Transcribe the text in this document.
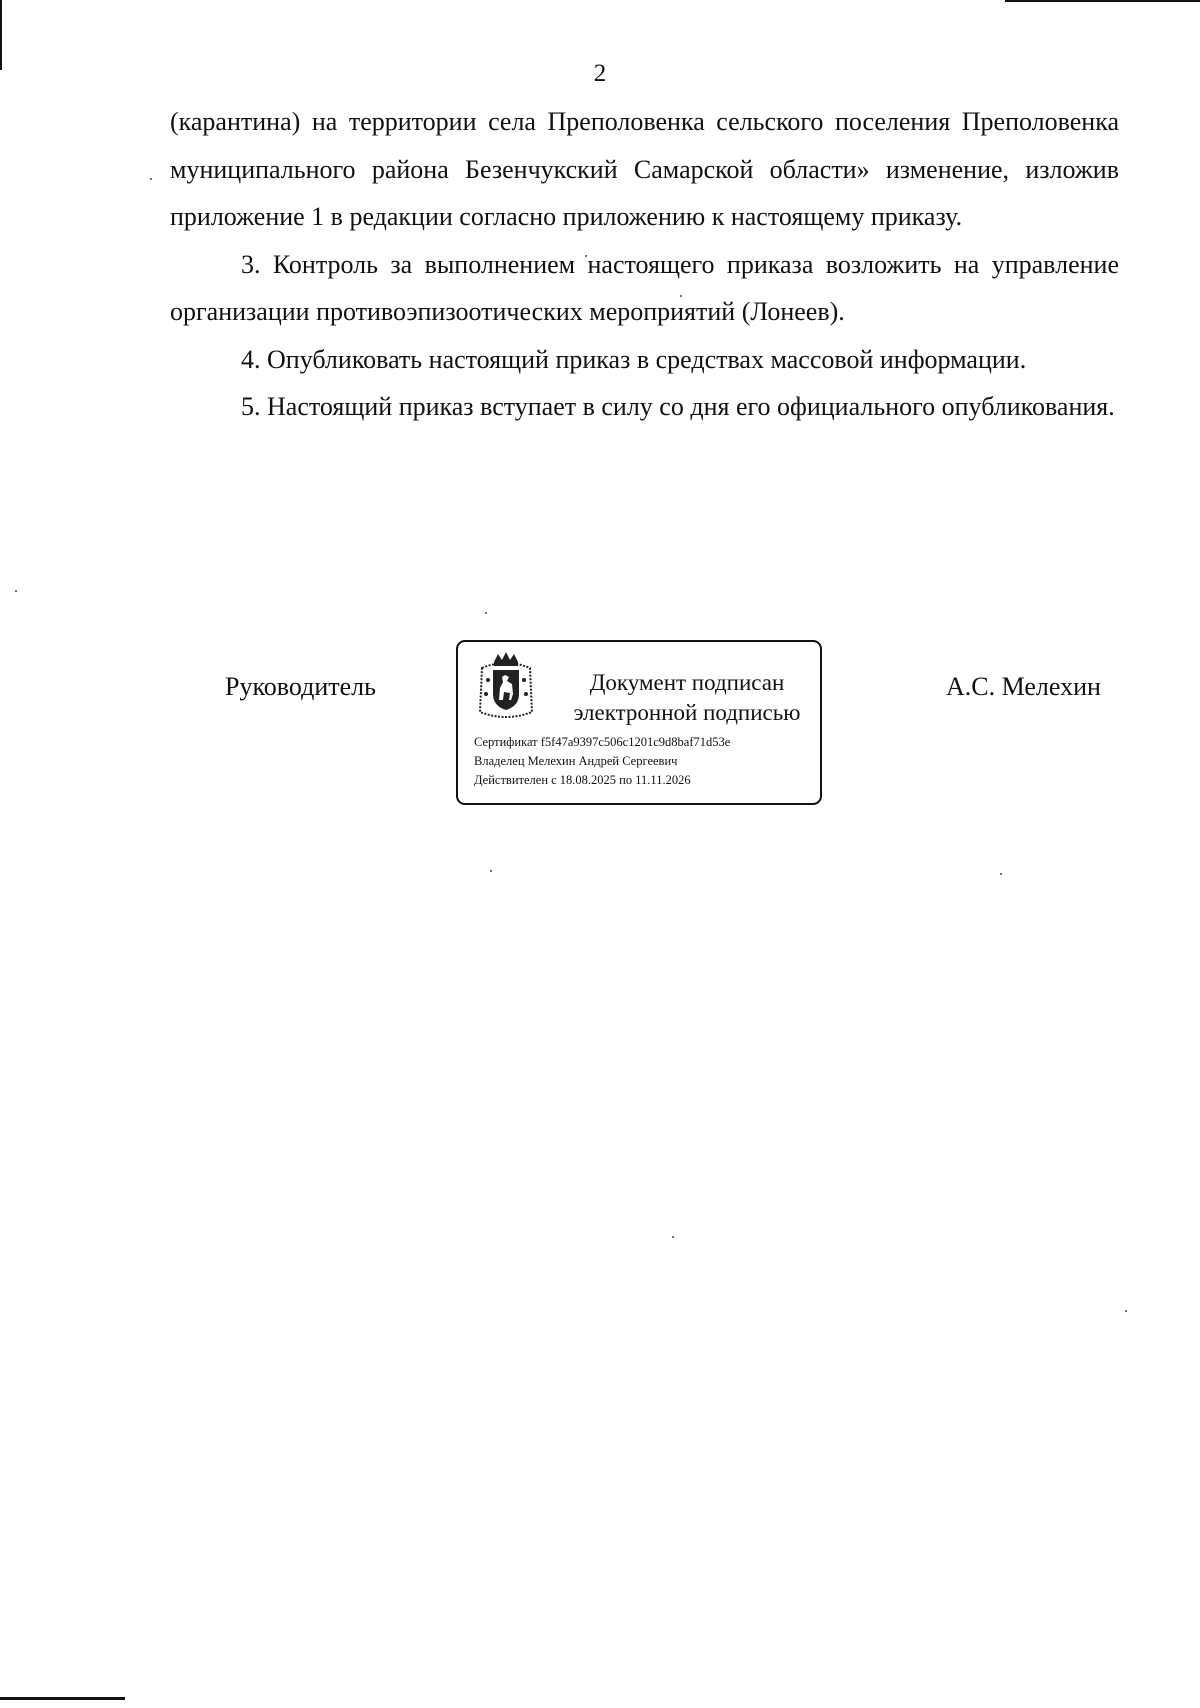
2

(карантина) на территории села Преполовенка сельского поселения Преполовенка муниципального района Безенчукский Самарской области» изменение, изложив приложение 1 в редакции согласно приложению к настоящему приказу.

3. Контроль за выполнением настоящего приказа возложить на управление организации противоэпизоотических мероприятий (Лонеев).

4. Опубликовать настоящий приказ в средствах массовой информации.

5. Настоящий приказ вступает в силу со дня его официального опубликования.

Руководитель	Документ подписан
электронной подписью
Сертификат f5f47a9397c506c1201c9d8baf71d53e
Владелец Мелехин Андрей Сергеевич
Действителен с 18.08.2025 по 11.11.2026
А.С. Мелехин
